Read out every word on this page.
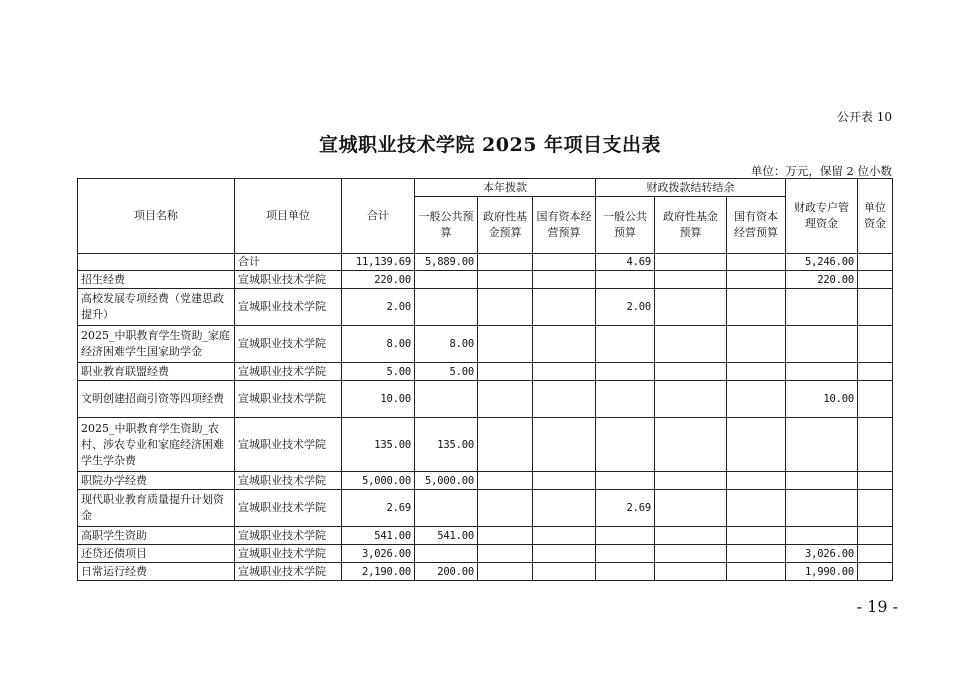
公开表 10
宣城职业技术学院 2025 年项目支出表
单位：万元，保留 2 位小数
项目名称	项目单位	合计	本年拨款			财政拨款结转结余			财政专户管理资金	单位资金
			一般公共预算	政府性基金预算	国有资本经营预算	一般公共预算	政府性基金预算	国有资本经营预算		
	合计	11,139.69	5,889.00			4.69			5,246.00	
招生经费	宣城职业技术学院	220.00							220.00	
高校发展专项经费（党建思政提升）	宣城职业技术学院	2.00				2.00				
2025_中职教育学生资助_家庭经济困难学生国家助学金	宣城职业技术学院	8.00	8.00							
职业教育联盟经费	宣城职业技术学院	5.00	5.00							
文明创建招商引资等四项经费	宣城职业技术学院	10.00							10.00	
2025_中职教育学生资助_农村、涉农专业和家庭经济困难学生学杂费	宣城职业技术学院	135.00	135.00							
职院办学经费	宣城职业技术学院	5,000.00	5,000.00							
现代职业教育质量提升计划资金	宣城职业技术学院	2.69				2.69				
高职学生资助	宣城职业技术学院	541.00	541.00							
还贷还债项目	宣城职业技术学院	3,026.00							3,026.00	
日常运行经费	宣城职业技术学院	2,190.00	200.00						1,990.00	
- 19 -
